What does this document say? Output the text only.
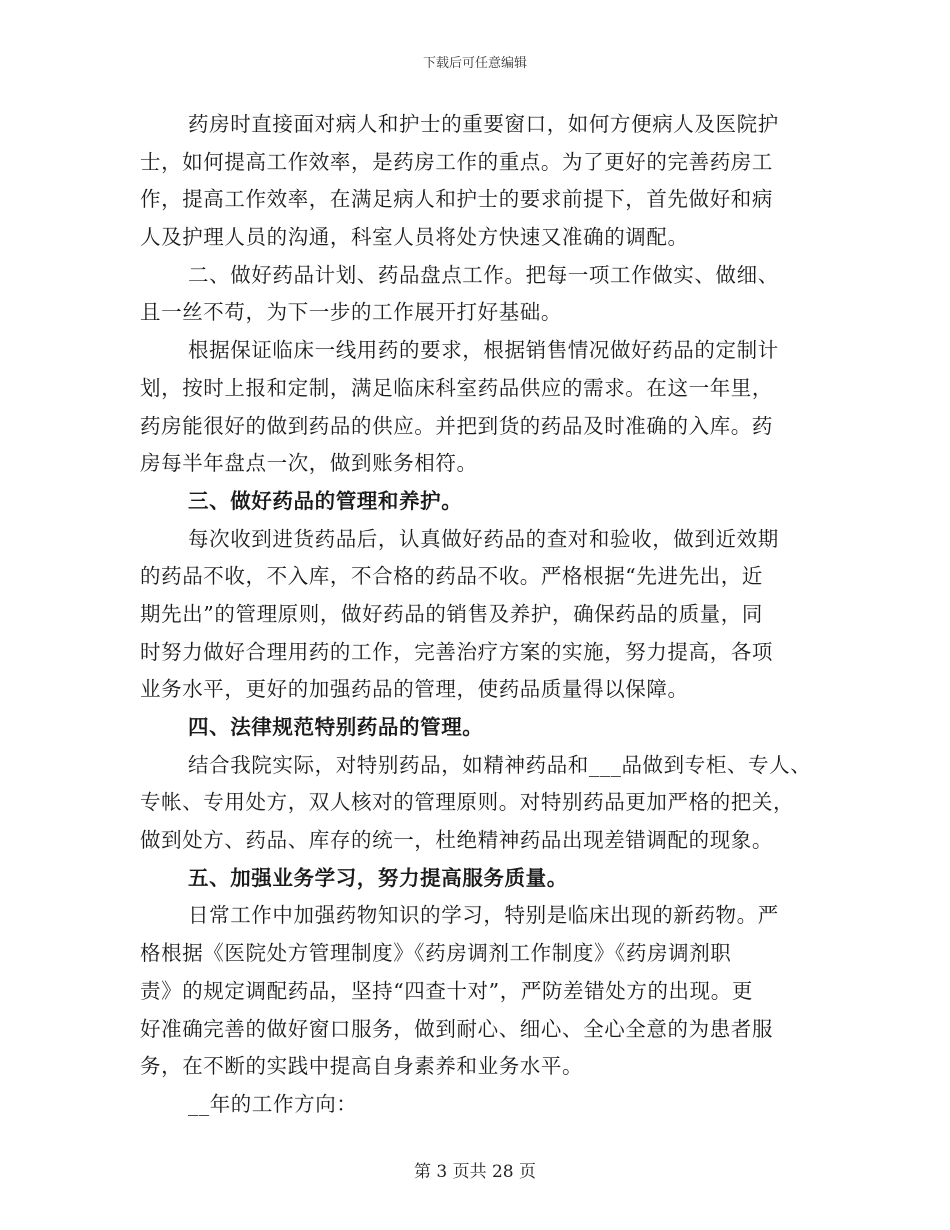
下载后可任意编辑
药房时直接面对病人和护士的重要窗口，如何方便病人及医院护
士，如何提高工作效率，是药房工作的重点。为了更好的完善药房工
作，提高工作效率，在满足病人和护士的要求前提下，首先做好和病
人及护理人员的沟通，科室人员将处方快速又准确的调配。
二、做好药品计划、药品盘点工作。把每一项工作做实、做细、
且一丝不苟，为下一步的工作展开打好基础。
根据保证临床一线用药的要求，根据销售情况做好药品的定制计
划，按时上报和定制，满足临床科室药品供应的需求。在这一年里，
药房能很好的做到药品的供应。并把到货的药品及时准确的入库。药
房每半年盘点一次，做到账务相符。
三、做好药品的管理和养护。
每次收到进货药品后，认真做好药品的查对和验收，做到近效期
的药品不收，不入库，不合格的药品不收。严格根据“先进先出，近
期先出”的管理原则，做好药品的销售及养护，确保药品的质量，同
时努力做好合理用药的工作，完善治疗方案的实施，努力提高，各项
业务水平，更好的加强药品的管理，使药品质量得以保障。
四、法律规范特别药品的管理。
结合我院实际，对特别药品，如精神药品和___品做到专柜、专人、
专帐、专用处方，双人核对的管理原则。对特别药品更加严格的把关，
做到处方、药品、库存的统一，杜绝精神药品出现差错调配的现象。
五、加强业务学习，努力提高服务质量。
日常工作中加强药物知识的学习，特别是临床出现的新药物。严
格根据《医院处方管理制度》《药房调剂工作制度》《药房调剂职
责》的规定调配药品，坚持“四查十对”，严防差错处方的出现。更
好准确完善的做好窗口服务，做到耐心、细心、全心全意的为患者服
务，在不断的实践中提高自身素养和业务水平。
__年的工作方向：
第 3 页共 28 页
